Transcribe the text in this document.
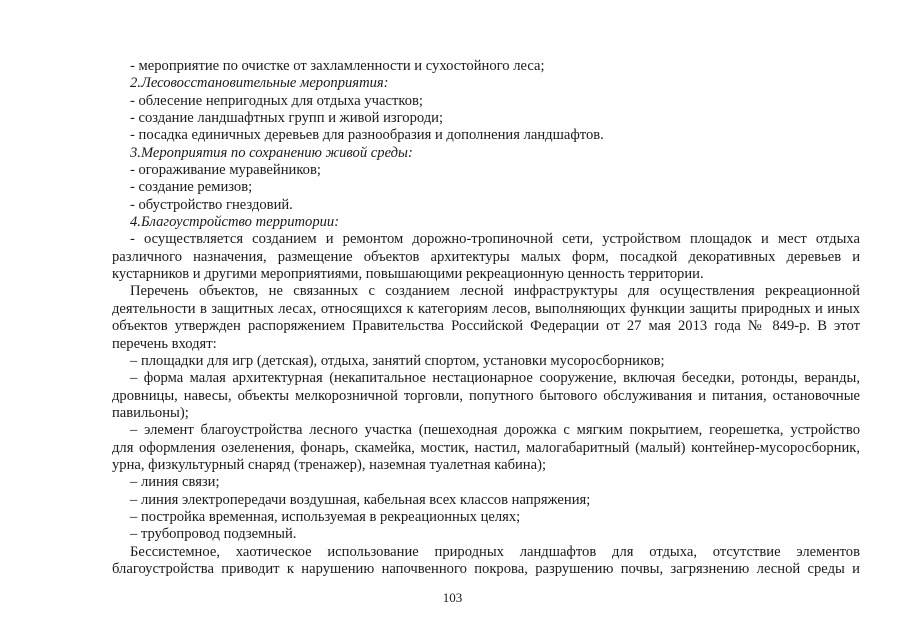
- мероприятие по очистке от захламленности и сухостойного леса;
2.Лесовосстановительные мероприятия:
- облесение непригодных для отдыха участков;
- создание ландшафтных групп и живой изгороди;
- посадка единичных деревьев для разнообразия и дополнения ландшафтов.
3.Мероприятия по сохранению живой среды:
- огораживание муравейников;
- создание ремизов;
- обустройство гнездовий.
4.Благоустройство территории:
- осуществляется созданием и ремонтом дорожно-тропиночной сети, устройством площадок и мест отдыха
различного назначения, размещение объектов архитектуры малых форм, посадкой декоративных деревьев и
кустарников и другими мероприятиями, повышающими рекреационную ценность территории.
Перечень объектов, не связанных с созданием лесной инфраструктуры для осуществления рекреационной
деятельности в защитных лесах, относящихся к категориям лесов, выполняющих функции защиты природных и иных
объектов утвержден распоряжением Правительства Российской Федерации от 27 мая 2013 года № 849-р. В этот
перечень входят:
– площадки для игр (детская), отдыха, занятий спортом, установки мусоросборников;
– форма малая архитектурная (некапитальное нестационарное сооружение, включая беседки, ротонды, веранды,
дровницы, навесы, объекты мелкорозничной торговли, попутного бытового обслуживания и питания, остановочные
павильоны);
– элемент благоустройства лесного участка (пешеходная дорожка с мягким покрытием, георешетка, устройство
для оформления озеленения, фонарь, скамейка, мостик, настил, малогабаритный (малый) контейнер-мусоросборник,
урна, физкультурный снаряд (тренажер), наземная туалетная кабина);
– линия связи;
– линия электропередачи воздушная, кабельная всех классов напряжения;
– постройка временная, используемая в рекреационных целях;
– трубопровод подземный.
Бессистемное, хаотическое использование природных ландшафтов для отдыха, отсутствие элементов
благоустройства приводит к нарушению напочвенного покрова, разрушению почвы, загрязнению лесной среды и
103
